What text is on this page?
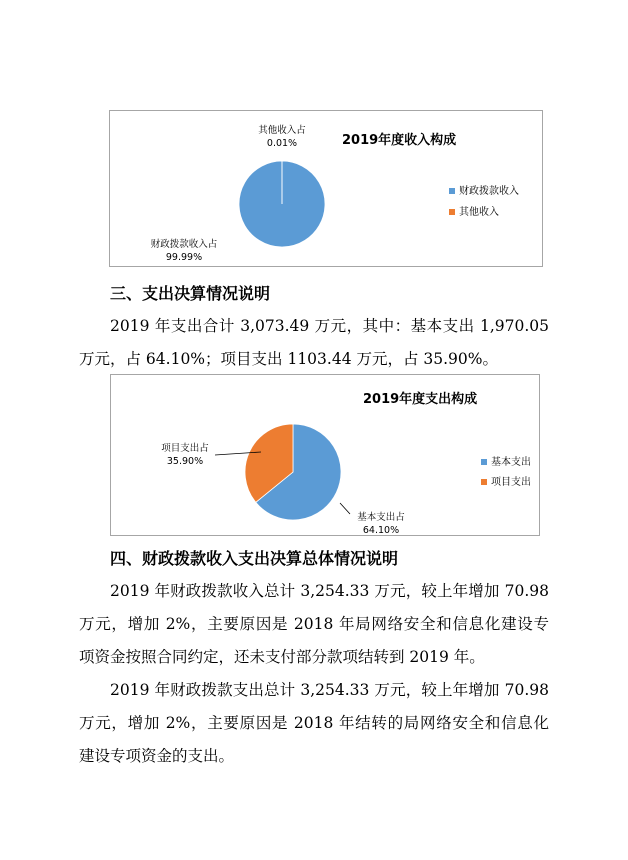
2019年度收入构成
其他收入占
0.01%
财政拨款收入占
99.99%
财政拨款收入
其他收入
三、支出决算情况说明
2019 年支出合计 3,073.49 万元，其中：基本支出 1,970.05
万元，占 64.10%；项目支出 1103.44 万元，占 35.90%。
2019年度支出构成
项目支出占
35.90%
基本支出占
64.10%
基本支出
项目支出
四、财政拨款收入支出决算总体情况说明
2019 年财政拨款收入总计 3,254.33 万元，较上年增加 70.98
万元，增加 2%，主要原因是 2018 年局网络安全和信息化建设专
项资金按照合同约定，还未支付部分款项结转到 2019 年。
2019 年财政拨款支出总计 3,254.33 万元，较上年增加 70.98
万元，增加 2%，主要原因是 2018 年结转的局网络安全和信息化
建设专项资金的支出。
